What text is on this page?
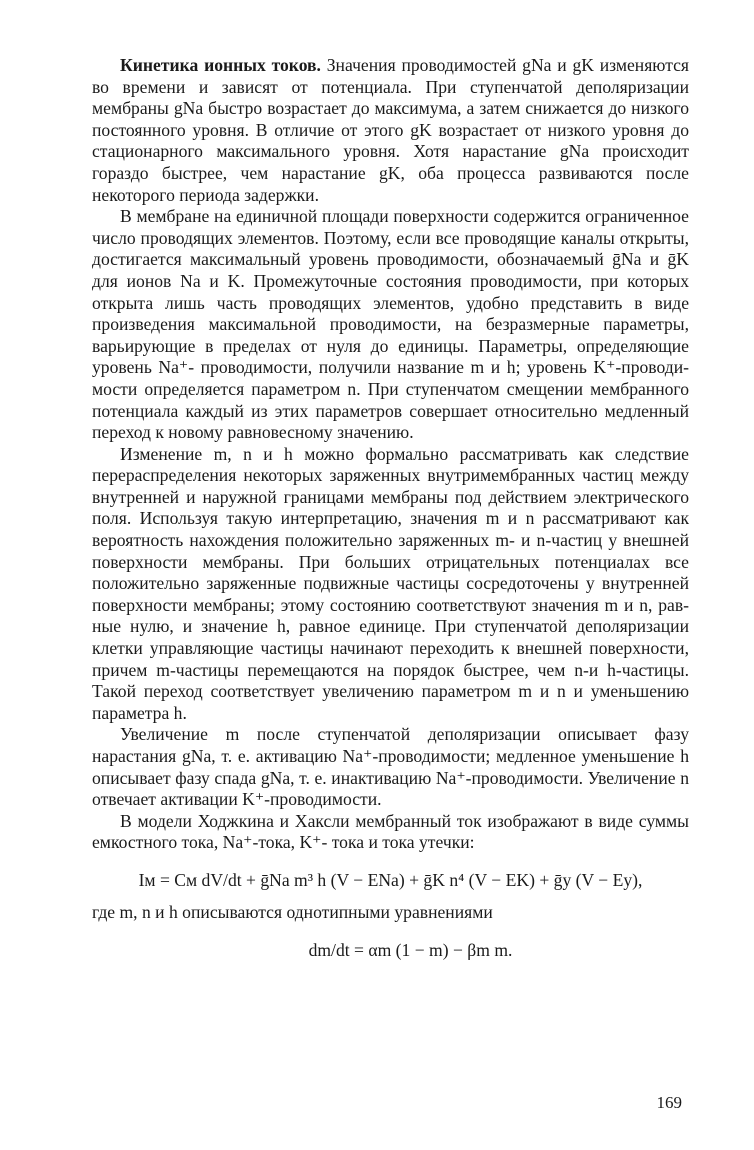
Кинетика ионных токов. Значения проводимостей gNa и gK изменяются во времени и зависят от потенциала. При ступенчатой деполяризации мембраны gNa быстро возрастает до максимума, а затем снижается до низкого постоянного уровня. В отличие от этого gK возрастает от низкого уровня до стационарного максимального уровня. Хотя нарастание gNa происходит гораздо быстрее, чем нарастание gK, оба процесса развиваются после некоторого периода задержки.

В мембране на единичной площади поверхности содержится ограниченное число проводящих элементов. Поэтому, если все проводящие каналы открыты, достигается максимальный уровень проводимости, обозначаемый ḡNa и ḡK для ионов Na и K. Промежуточные состояния проводимости, при которых открыта лишь часть проводящих элементов, удобно представить в виде произведения максимальной проводимости, на безразмерные параметры, варьирующие в пределах от нуля до единицы. Параметры, определяющие уровень Na⁺- проводимости, получили название m и h; уровень K⁺-проводимости определяется параметром n. При ступенчатом смещении мембранного потенциала каждый из этих параметров совершает относительно медленный переход к новому равновесному значению.

Изменение m, n и h можно формально рассматривать как следствие перераспределения некоторых заряженных внутримембранных частиц между внутренней и наружной границами мембраны под действием электрического поля. Используя такую интерпретацию, значения m и n рассматривают как вероятность нахождения положительно заряженных m- и n-частиц у внешней поверхности мембраны. При больших отрицательных потенциалах все положительно заряженные подвижные частицы сосредоточены у внутренней поверхности мембраны; этому состоянию соответствуют значения m и n, равные нулю, и значение h, равное единице. При ступенчатой деполяризации клетки управляющие частицы начинают переходить к внешней поверхности, причем m-частицы перемещаются на порядок быстрее, чем n-и h-частицы. Такой переход соответствует увеличению параметром m и n и уменьшению параметра h.

Увеличение m после ступенчатой деполяризации описывает фазу нарастания gNa, т. е. активацию Na⁺-проводимости; медленное уменьшение h описывает фазу спада gNa, т. е. инактивацию Na⁺-проводимости. Увеличение n отвечает активации K⁺-проводимости.

В модели Ходжкина и Хаксли мембранный ток изображают в виде суммы емкостного тока, Na⁺-тока, K⁺- тока и тока утечки:

Iм = Cм dV/dt + ḡNa m³ h (V − ENa) + ḡK n⁴ (V − EK) + ḡy (V − Ey),

где m, n и h описываются однотипными уравнениями

dm/dt = αm (1 − m) − βm m.
169
